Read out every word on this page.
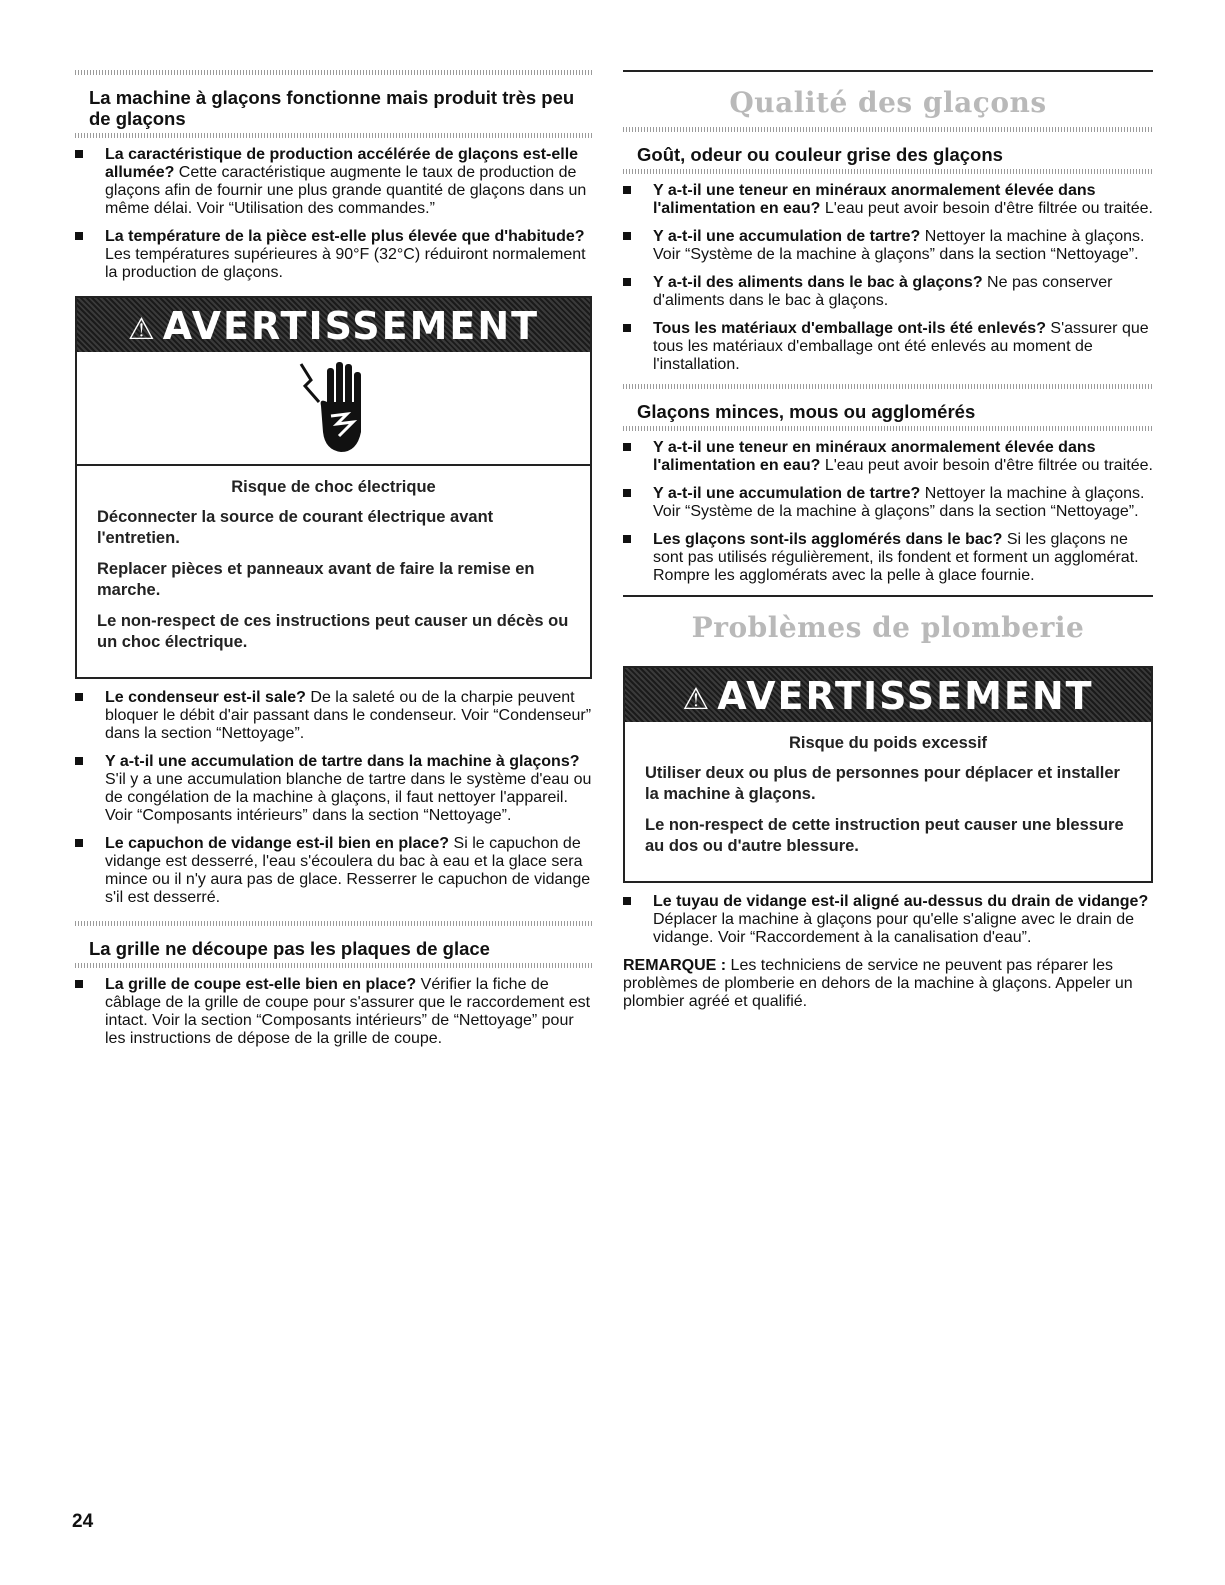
La machine à glaçons fonctionne mais produit très peu de glaçons
La caractéristique de production accélérée de glaçons est-elle allumée? Cette caractéristique augmente le taux de production de glaçons afin de fournir une plus grande quantité de glaçons dans un même délai. Voir “Utilisation des commandes.”
La température de la pièce est-elle plus élevée que d'habitude? Les températures supérieures à 90°F (32°C) réduiront normalement la production de glaçons.
⚠ AVERTISSEMENT
Risque de choc électrique

Déconnecter la source de courant électrique avant l'entretien.

Replacer pièces et panneaux avant de faire la remise en marche.

Le non-respect de ces instructions peut causer un décès ou un choc électrique.

Le condenseur est-il sale? De la saleté ou de la charpie peuvent bloquer le débit d'air passant dans le condenseur. Voir “Condenseur” dans la section “Nettoyage”.
Y a-t-il une accumulation de tartre dans la machine à glaçons? S'il y a une accumulation blanche de tartre dans le système d'eau ou de congélation de la machine à glaçons, il faut nettoyer l'appareil. Voir “Composants intérieurs” dans la section “Nettoyage”.
Le capuchon de vidange est-il bien en place? Si le capuchon de vidange est desserré, l'eau s'écoulera du bac à eau et la glace sera mince ou il n'y aura pas de glace. Resserrer le capuchon de vidange s'il est desserré.
La grille ne découpe pas les plaques de glace
La grille de coupe est-elle bien en place? Vérifier la fiche de câblage de la grille de coupe pour s'assurer que le raccordement est intact. Voir la section “Composants intérieurs” de “Nettoyage” pour les instructions de dépose de la grille de coupe.
Qualité des glaçons
Goût, odeur ou couleur grise des glaçons
Y a-t-il une teneur en minéraux anormalement élevée dans l'alimentation en eau? L'eau peut avoir besoin d'être filtrée ou traitée.
Y a-t-il une accumulation de tartre? Nettoyer la machine à glaçons. Voir “Système de la machine à glaçons” dans la section “Nettoyage”.
Y a-t-il des aliments dans le bac à glaçons? Ne pas conserver d'aliments dans le bac à glaçons.
Tous les matériaux d'emballage ont-ils été enlevés? S'assurer que tous les matériaux d'emballage ont été enlevés au moment de l'installation.
Glaçons minces, mous ou agglomérés
Y a-t-il une teneur en minéraux anormalement élevée dans l'alimentation en eau? L'eau peut avoir besoin d'être filtrée ou traitée.
Y a-t-il une accumulation de tartre? Nettoyer la machine à glaçons. Voir “Système de la machine à glaçons” dans la section “Nettoyage”.
Les glaçons sont-ils agglomérés dans le bac? Si les glaçons ne sont pas utilisés régulièrement, ils fondent et forment un agglomérat. Rompre les agglomérats avec la pelle à glace fournie.
Problèmes de plomberie
⚠ AVERTISSEMENT
Risque du poids excessif

Utiliser deux ou plus de personnes pour déplacer et installer la machine à glaçons.

Le non-respect de cette instruction peut causer une blessure au dos ou d'autre blessure.

Le tuyau de vidange est-il aligné au-dessus du drain de vidange? Déplacer la machine à glaçons pour qu'elle s'aligne avec le drain de vidange. Voir “Raccordement à la canalisation d'eau”.

REMARQUE : Les techniciens de service ne peuvent pas réparer les problèmes de plomberie en dehors de la machine à glaçons. Appeler un plombier agréé et qualifié.

24
